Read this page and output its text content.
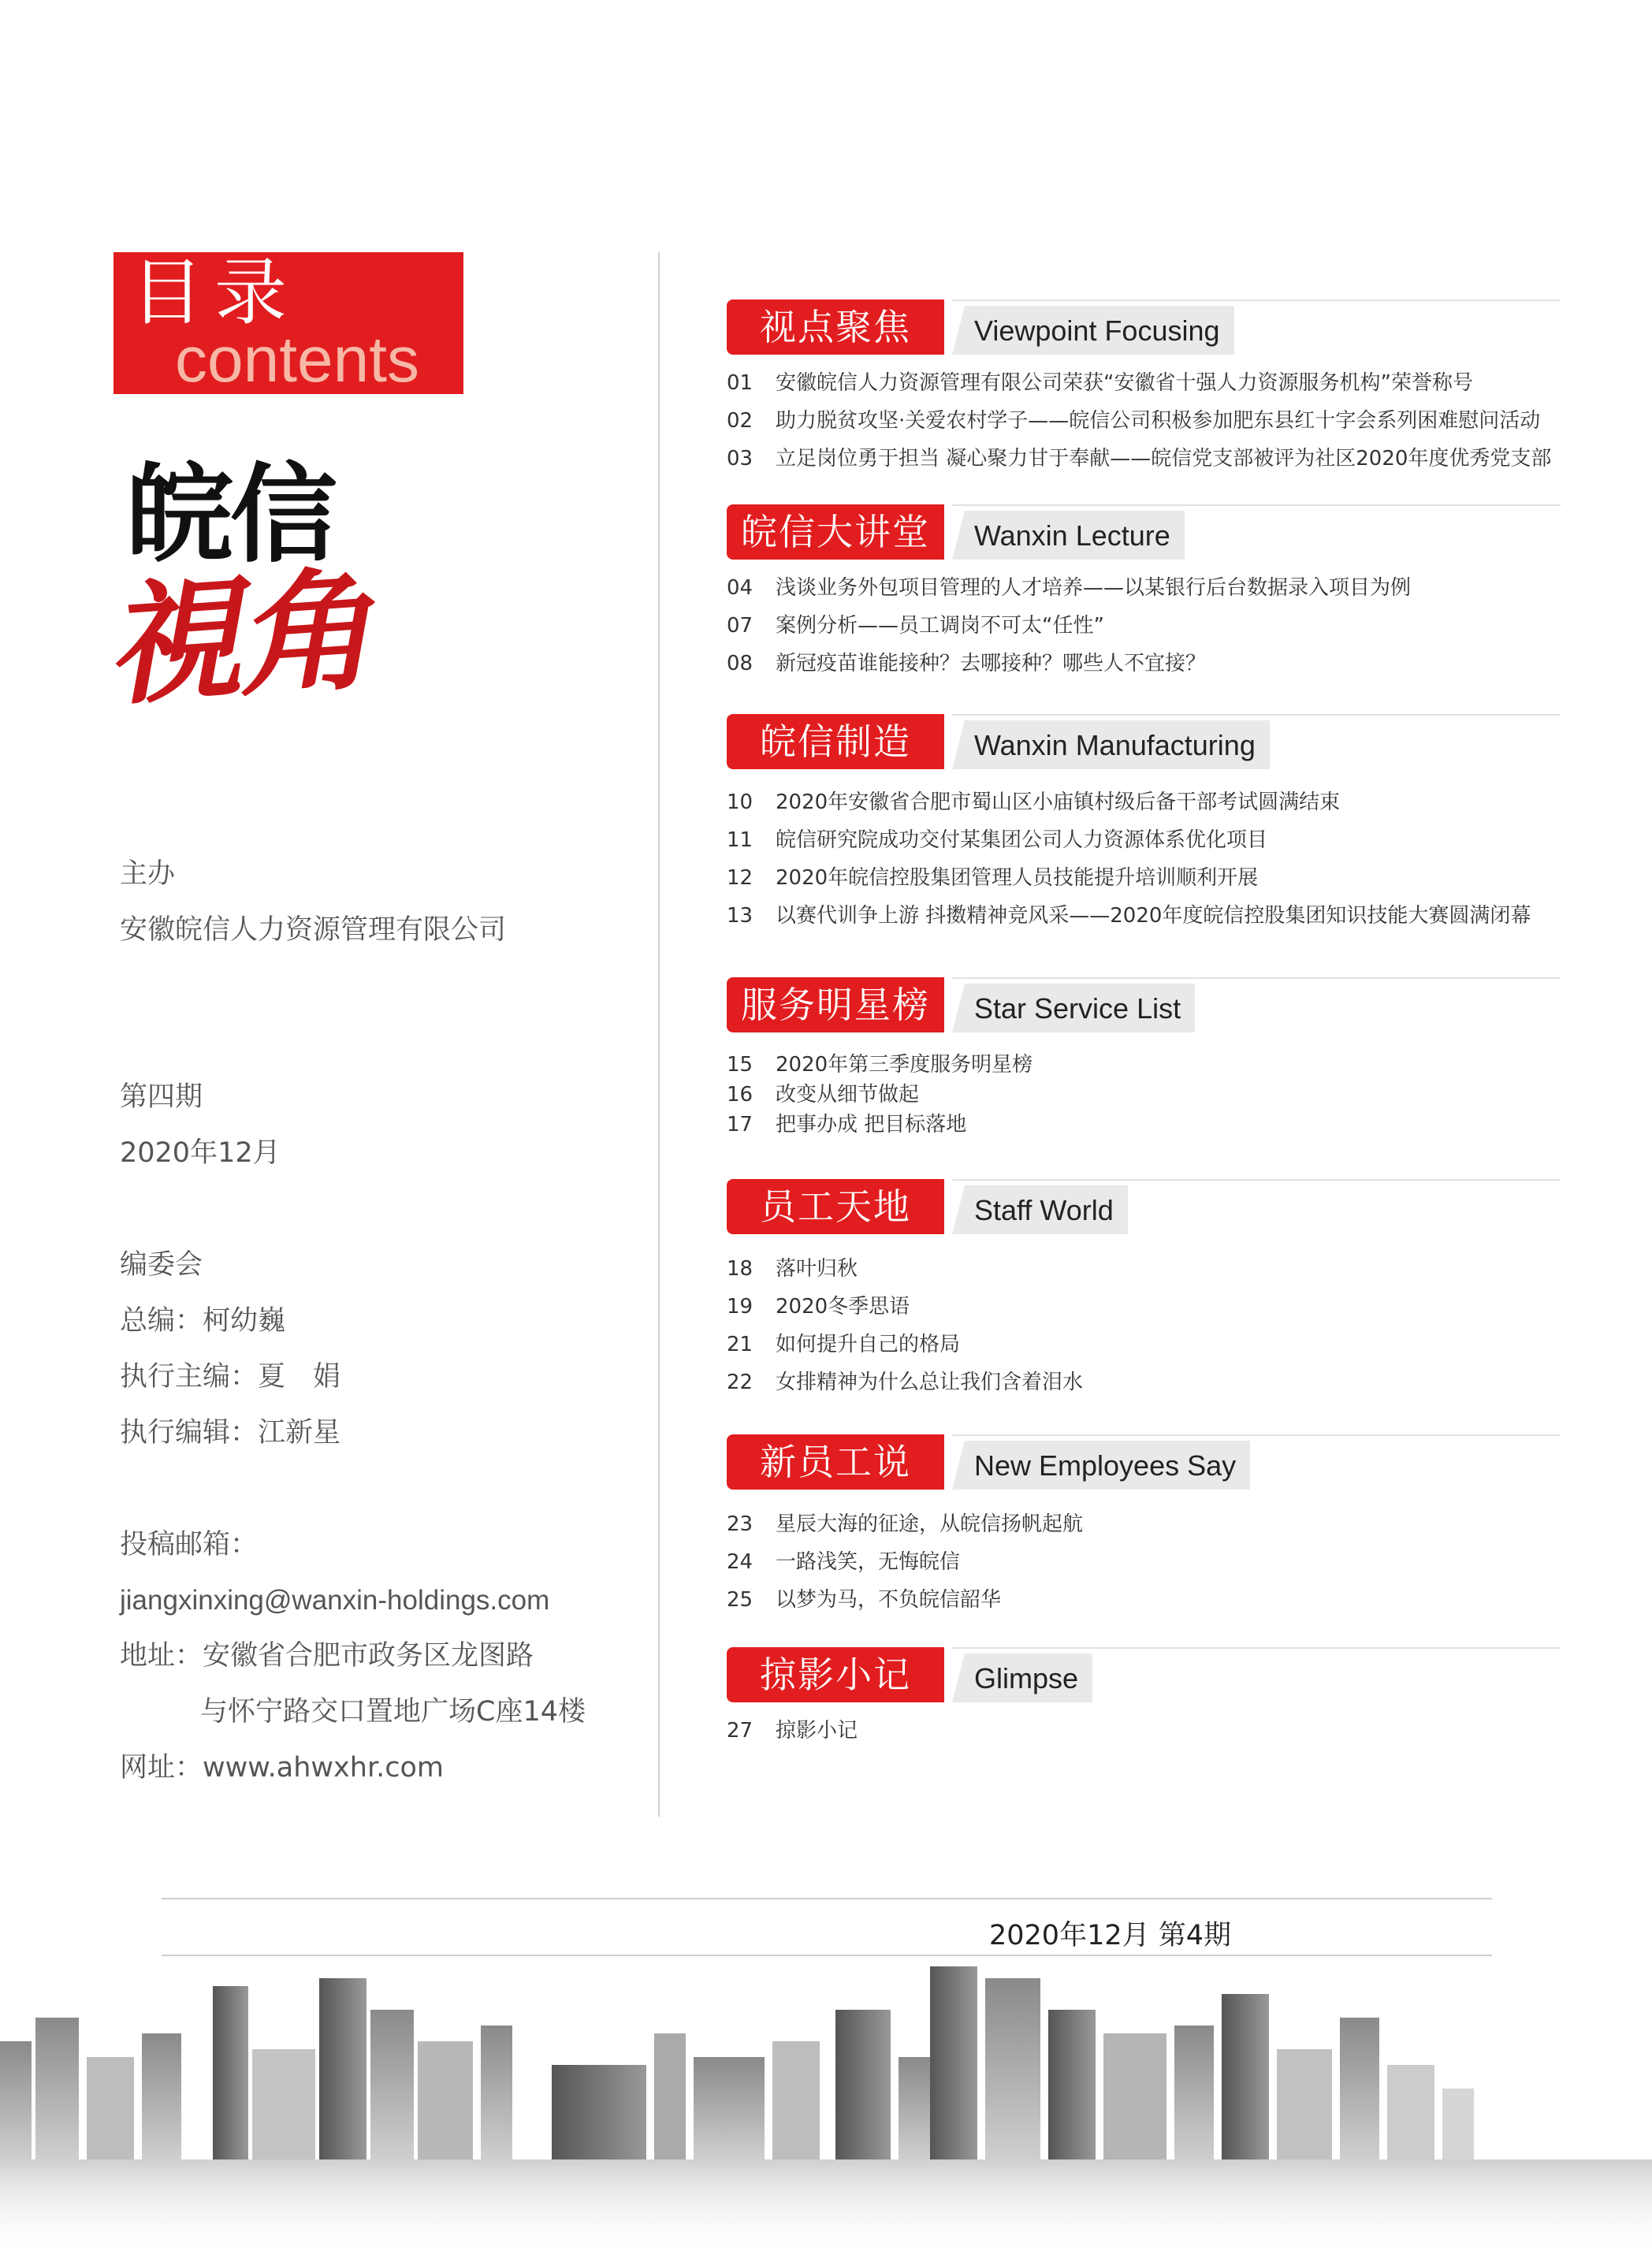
目录
contents
皖信
視角
主办
安徽皖信人力资源管理有限公司
第四期
2020年12月
编委会
总编：柯幼巍
执行主编：夏　娟
执行编辑：江新星
投稿邮箱：
jiangxinxing@wanxin-holdings.com
地址：安徽省合肥市政务区龙图路
与怀宁路交口置地广场C座14楼
网址：www.ahwxhr.com
视点聚焦	Viewpoint Focusing
01 安徽皖信人力资源管理有限公司荣获“安徽省十强人力资源服务机构”荣誉称号
02 助力脱贫攻坚·关爱农村学子——皖信公司积极参加肥东县红十字会系列困难慰问活动
03 立足岗位勇于担当 凝心聚力甘于奉献——皖信党支部被评为社区2020年度优秀党支部
皖信大讲堂	Wanxin Lecture
04 浅谈业务外包项目管理的人才培养——以某银行后台数据录入项目为例
07 案例分析——员工调岗不可太“任性”
08 新冠疫苗谁能接种？去哪接种？哪些人不宜接？
皖信制造	Wanxin Manufacturing
10 2020年安徽省合肥市蜀山区小庙镇村级后备干部考试圆满结束
11 皖信研究院成功交付某集团公司人力资源体系优化项目
12 2020年皖信控股集团管理人员技能提升培训顺利开展
13 以赛代训争上游 抖擞精神竞风采——2020年度皖信控股集团知识技能大赛圆满闭幕
服务明星榜	Star Service List
15 2020年第三季度服务明星榜
16 改变从细节做起
17 把事办成 把目标落地
员工天地	Staff World
18 落叶归秋
19 2020冬季思语
21 如何提升自己的格局
22 女排精神为什么总让我们含着泪水
新员工说	New Employees Say
23 星辰大海的征途，从皖信扬帆起航
24 一路浅笑，无悔皖信
25 以梦为马，不负皖信韶华
掠影小记	Glimpse
27 掠影小记
2020年12月 第4期
